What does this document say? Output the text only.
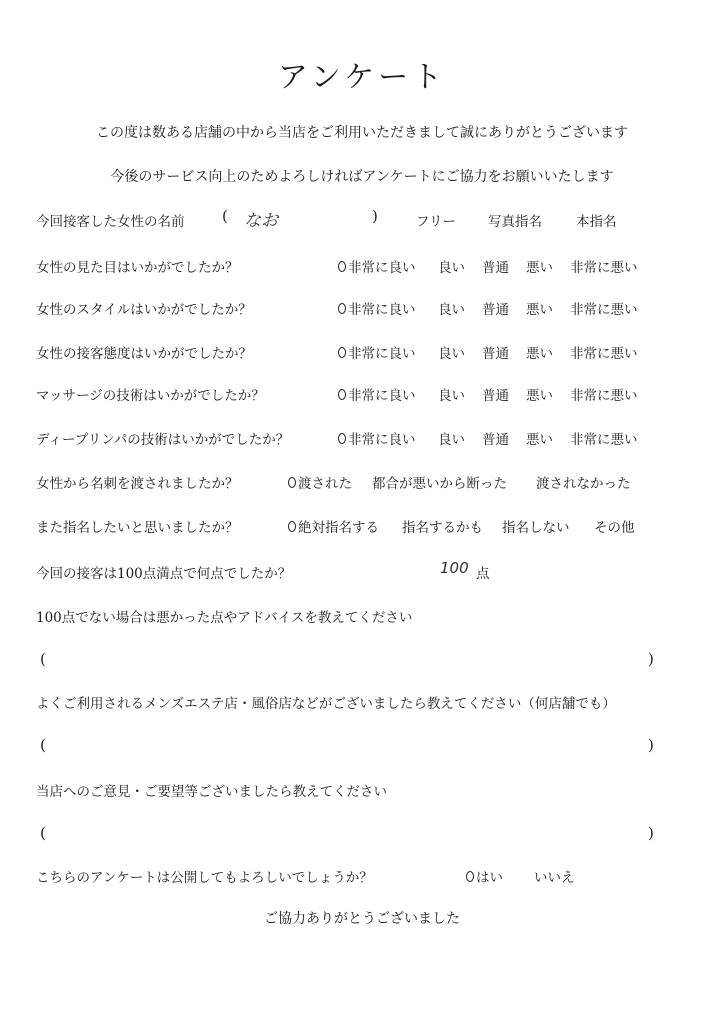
アンケート
この度は数ある店舗の中から当店をご利用いただきまして誠にありがとうございます
今後のサービス向上のためよろしければアンケートにご協力をお願いいたします
今回接客した女性の名前	( なお	)	フリー 写真指名	本指名
女性の見た目はいかがでしたか？	非常に良い 良い 普通 悪い 非常に悪い
女性のスタイルはいかがでしたか？	非常に良い 良い 普通 悪い 非常に悪い
女性の接客態度はいかがでしたか？	非常に良い 良い 普通 悪い 非常に悪い
マッサージの技術はいかがでしたか？	非常に良い 良い 普通 悪い 非常に悪い
ディープリンパの技術はいかがでしたか？	非常に良い 良い 普通 悪い 非常に悪い
女性から名刺を渡されましたか？	渡された 都合が悪いから断った 渡されなかった
また指名したいと思いましたか？	絶対指名する 指名するかも 指名しない その他
今回の接客は100点満点で何点でしたか？	100 点
100点でない場合は悪かった点やアドバイスを教えてください
(	)
よくご利用されるメンズエステ店・風俗店などがございましたら教えてください（何店舗でも）
(	)
当店へのご意見・ご要望等ございましたら教えてください
(	)
こちらのアンケートは公開してもよろしいでしょうか？	はい いいえ
ご協力ありがとうございました
